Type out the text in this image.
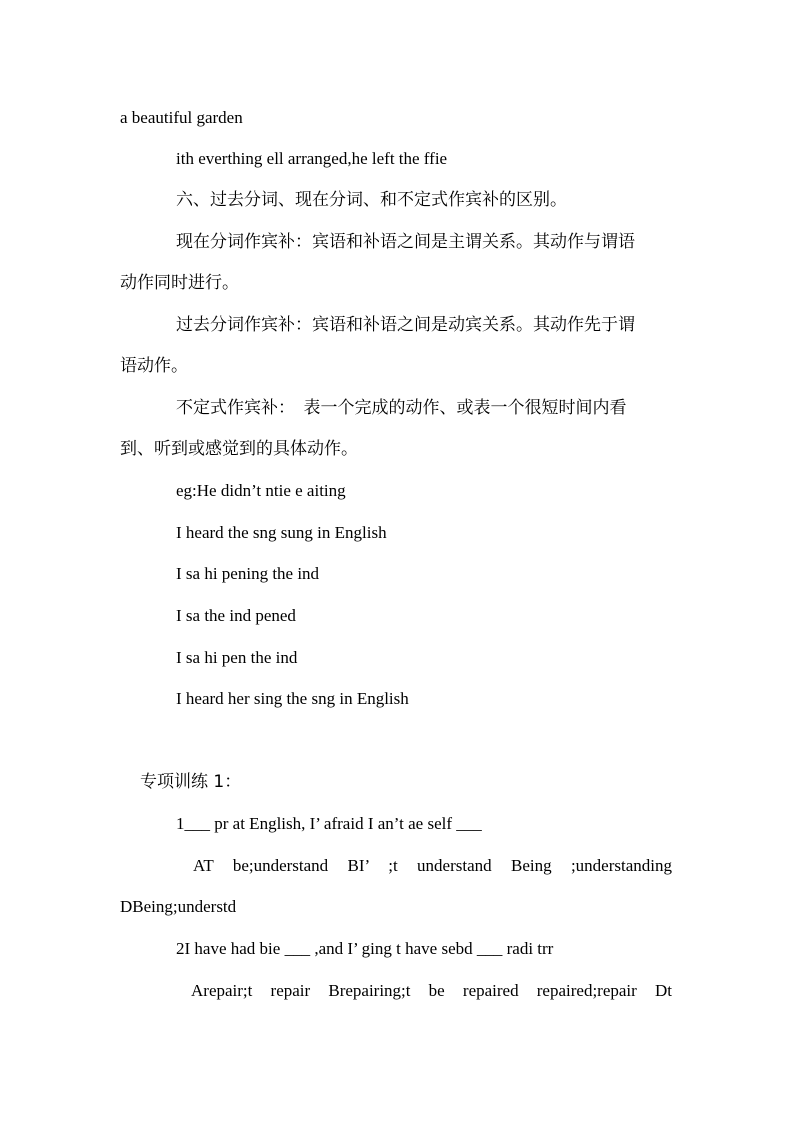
a beautiful garden
ith everthing ell arranged,he left the ffie
六、过去分词、现在分词、和不定式作宾补的区别。
现在分词作宾补：宾语和补语之间是主谓关系。其动作与谓语
动作同时进行。
过去分词作宾补：宾语和补语之间是动宾关系。其动作先于谓
语动作。
不定式作宾补：　表一个完成的动作、或表一个很短时间内看
到、听到或感觉到的具体动作。
eg:He didn’t ntie e aiting
I heard the sng sung in English
I sa hi pening the ind
I sa the ind pened
I sa hi pen the ind
I heard her sing the sng in English
专项训练 1：
1___ pr at English, I’ afraid I an’t ae self ___
AT be;understand BI’ ;t understand Being ;understanding
DBeing;understd
2I have had bie ___ ,and I’ ging t have sebd ___ radi trr
Arepair;t repair Brepairing;t be repaired repaired;repair Dt
